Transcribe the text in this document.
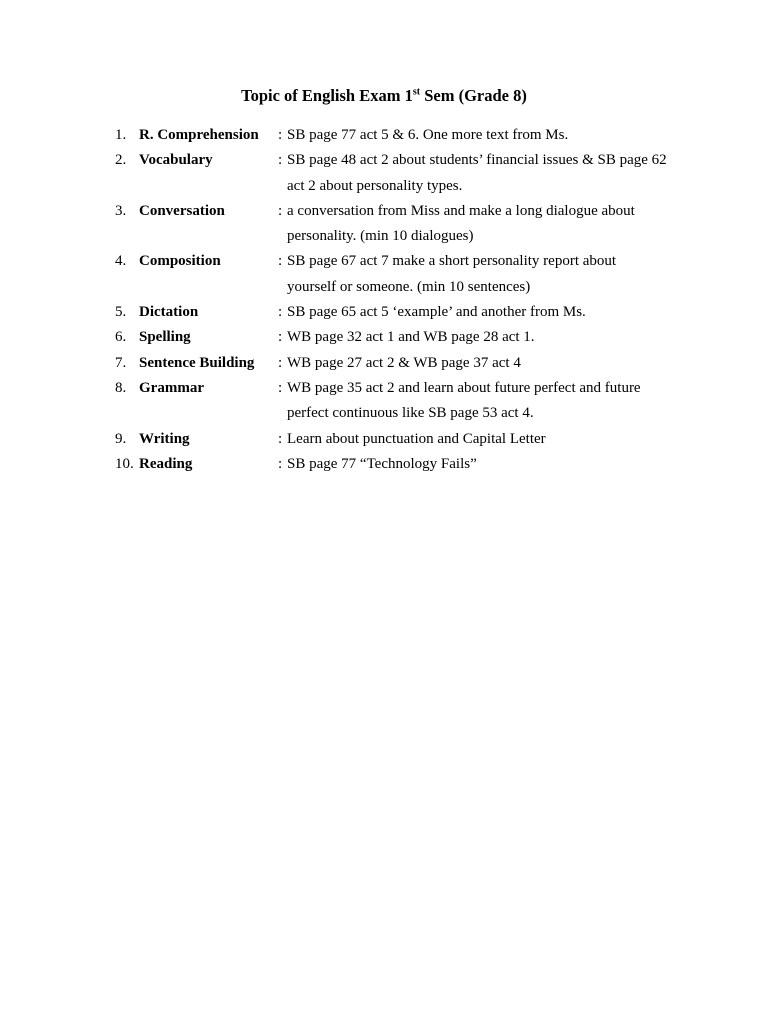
Topic of English Exam 1st Sem (Grade 8)
1. R. Comprehension	: SB page 77 act 5 & 6. One more text from Ms.
2. Vocabulary	: SB page 48 act 2 about students’ financial issues & SB page 62 act 2 about personality types.
3. Conversation	: a conversation from Miss and make a long dialogue about personality. (min 10 dialogues)
4. Composition	: SB page 67 act 7 make a short personality report about yourself or someone. (min 10 sentences)
5. Dictation	: SB page 65 act 5 ‘example’ and another from Ms.
6. Spelling	: WB page 32 act 1 and WB page 28 act 1.
7. Sentence Building	: WB page 27 act 2 & WB page 37 act 4
8. Grammar	: WB page 35 act 2 and learn about future perfect and future perfect continuous like SB page 53 act 4.
9. Writing	: Learn about punctuation and Capital Letter
10. Reading	: SB page 77 “Technology Fails”
